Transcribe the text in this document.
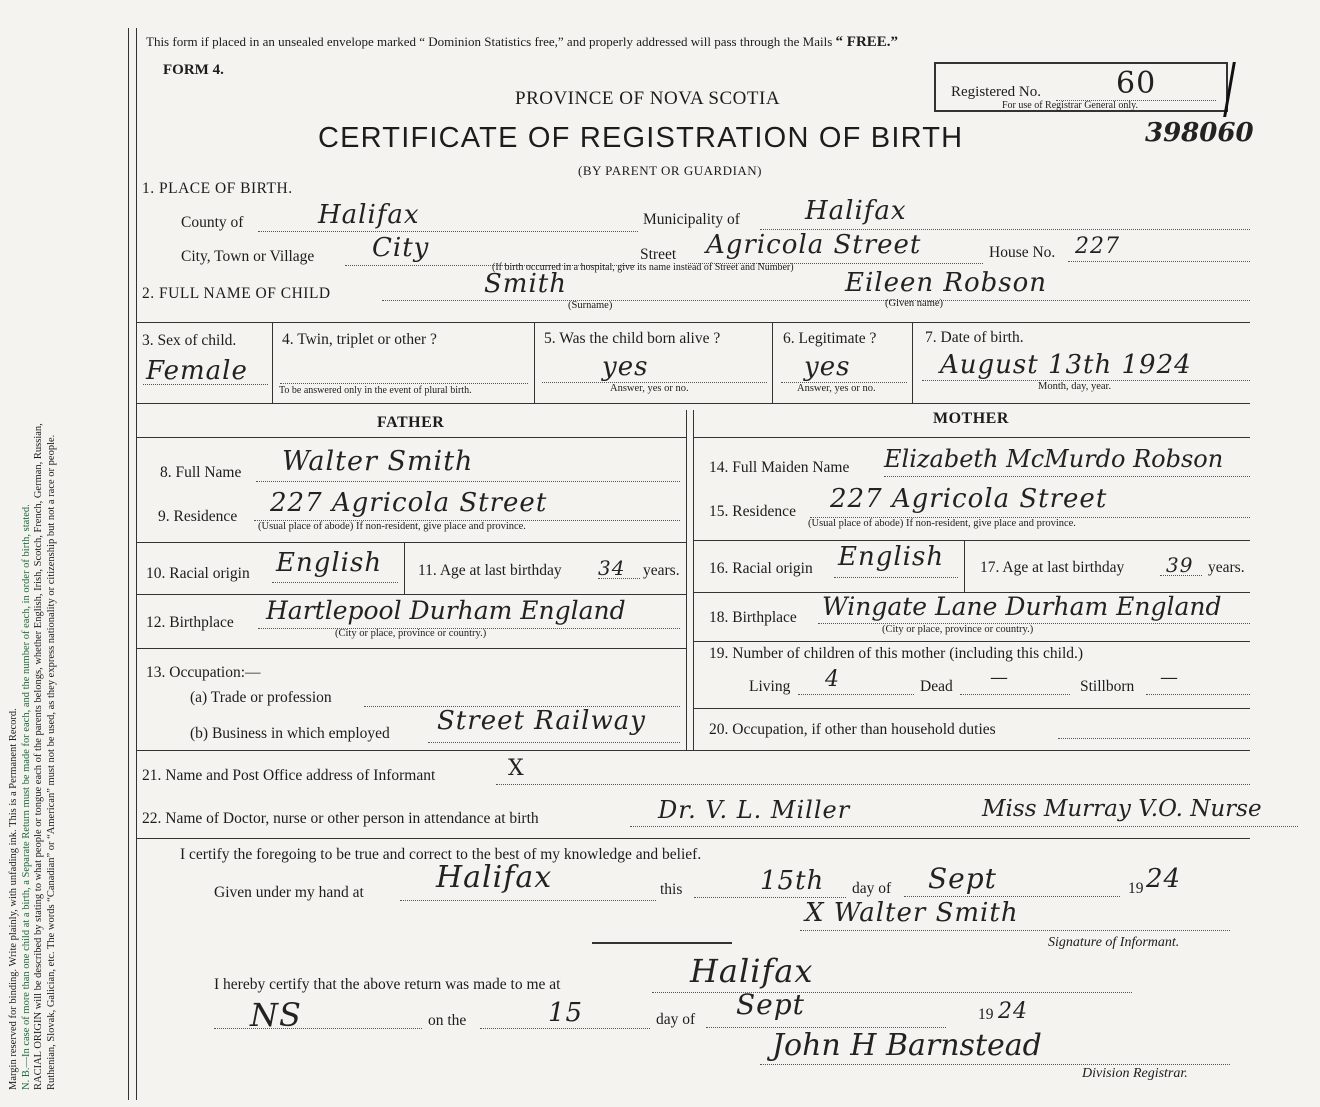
Margin reserved for binding. Write plainly, with unfading ink. This is a Permanent Record. N. B.—In case of more than one child at a birth, a Separate Return must be made for each, and the number of each, in order of birth, stated. RACIAL ORIGIN will be described by stating to what people or tongue each of the parents belongs, whether English, Irish, Scotch, French, German, Russian, Ruthenian, Slovak, Galician, etc. The words “Canadian” or “American” must not be used, as they express nationality or citizenship but not a race or people.
This form if placed in an unsealed envelope marked “ Dominion Statistics free,” and properly addressed will pass through the Mails “ FREE.”
FORM 4.
PROVINCE OF NOVA SCOTIA
CERTIFICATE OF REGISTRATION OF BIRTH
(BY PARENT OR GUARDIAN)
Registered No.	60
For use of Registrar General only.
398060
1. PLACE OF BIRTH.
County of	Halifax	Municipality of	Halifax
City, Town or Village City	Street Agricola Street	House No. 227
(If birth occurred in a hospital, give its name instead of Street and Number)
2. FULL NAME OF CHILD	Smith
(Surname)
Eileen Robson
(Given name)
3. Sex of child.
Female
4. Twin, triplet or other ?
To be answered only in the event of plural birth.
5. Was the child born alive ?
yes
Answer, yes or no.
6. Legitimate ?
yes
Answer, yes or no.
7. Date of birth.
August 13th 1924
Month, day, year.
FATHER
8. Full Name Walter Smith
9. Residence 227 Agricola Street
(Usual place of abode) If non-resident, give place and province.
10. Racial origin English 11. Age at last birthday 34 years.
12. Birthplace Hartlepool Durham England
(City or place, province or country.)
13. Occupation:—
(a) Trade or profession
(b) Business in which employed Street Railway
MOTHER
14. Full Maiden Name Elizabeth McMurdo Robson
15. Residence 227 Agricola Street
(Usual place of abode) If non-resident, give place and province.
16. Racial origin English 17. Age at last birthday 39 years.
18. Birthplace Wingate Lane Durham England
(City or place, province or country.)
19. Number of children of this mother (including this child.)
Living 4	Dead —	Stillborn —
20. Occupation, if other than household duties
21. Name and Post Office address of Informant	X
22. Name of Doctor, nurse or other person in attendance at birth	Dr. V. L. Miller	Miss Murray V.O. Nurse
I certify the foregoing to be true and correct to the best of my knowledge and belief.
Given under my hand at Halifax	this	15th day of Sept	19 24
X Walter Smith
Signature of Informant.
I hereby certify that the above return was made to me at	Halifax
NS	on the	15	day of Sept	19 24
John H Barnstead
Division Registrar.
